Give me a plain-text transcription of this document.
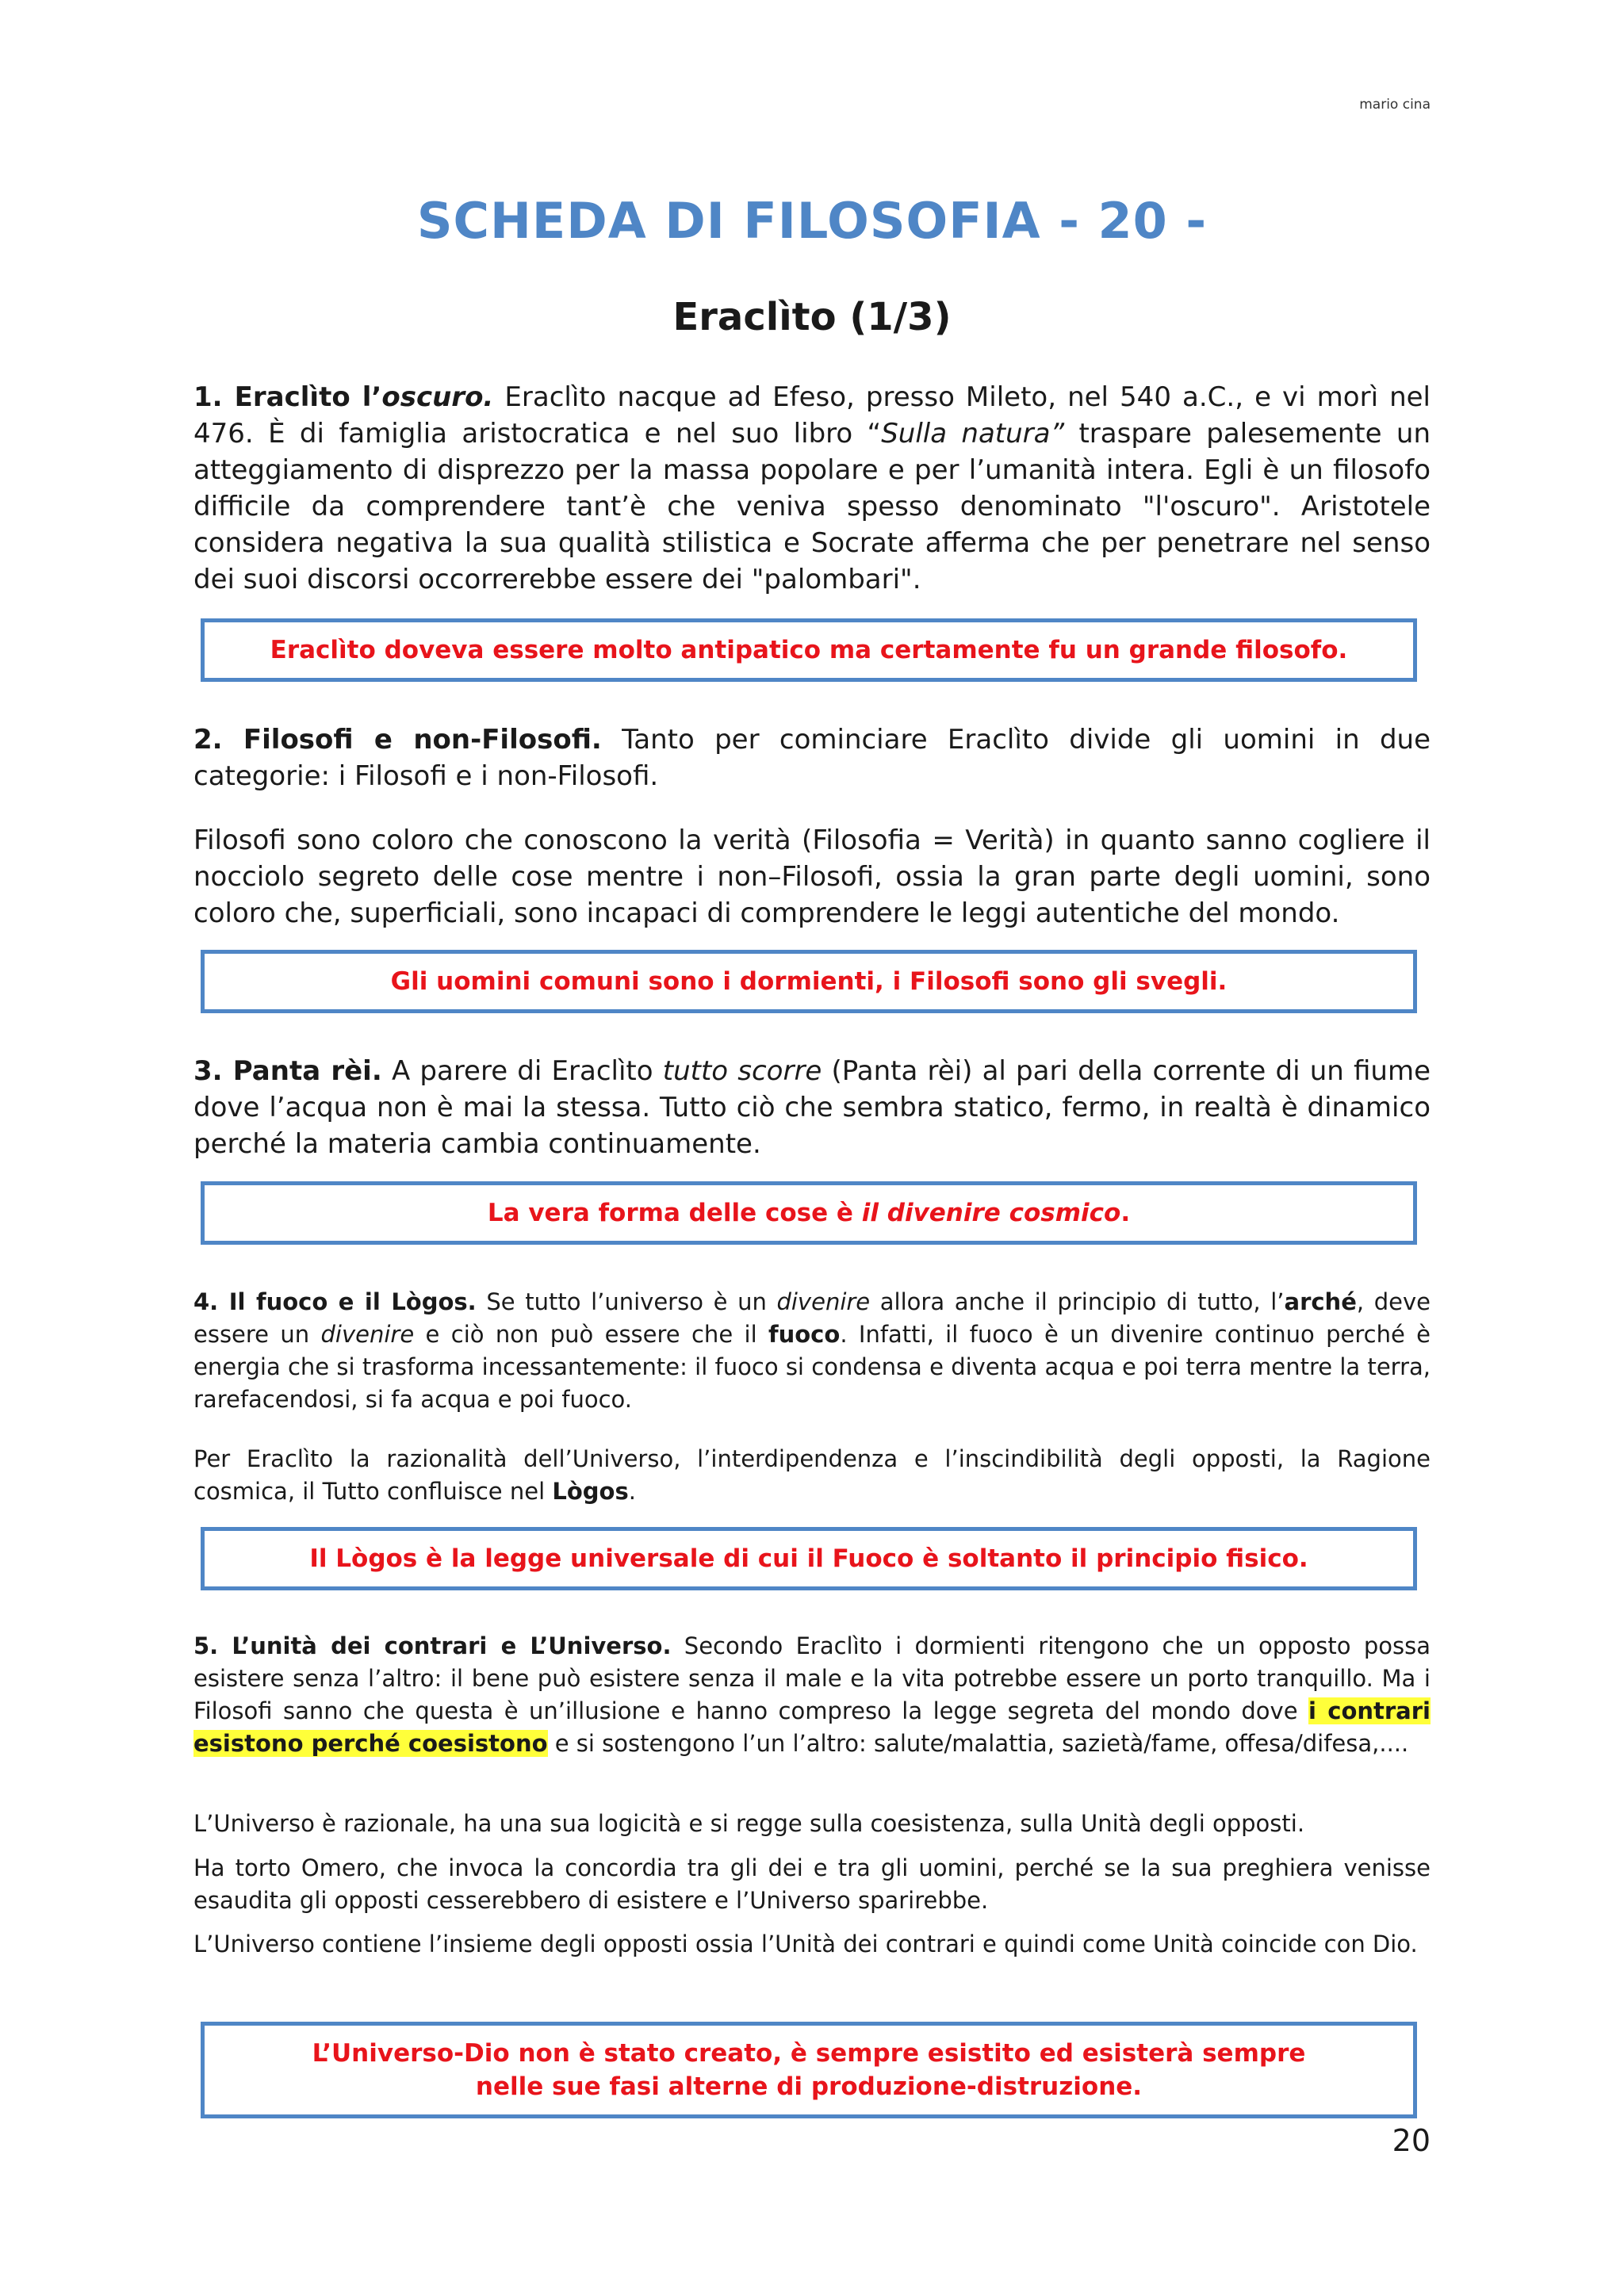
mario cina
SCHEDA DI FILOSOFIA - 20 -
Eraclìto (1/3)

1. Eraclìto l’oscuro. Eraclìto nacque ad Efeso, presso Mileto, nel 540 a.C., e vi morì nel 476. È di famiglia aristocratica e nel suo libro “Sulla natura” traspare palesemente un atteggiamento di disprezzo per la massa popolare e per l’umanità intera. Egli è un filosofo difficile da comprendere tant’è che veniva spesso denominato "l'oscuro". Aristotele considera negativa la sua qualità stilistica e Socrate afferma che per penetrare nel senso dei suoi discorsi occorrerebbe essere dei "palombari".

Eraclìto doveva essere molto antipatico ma certamente fu un grande filosofo.

2. Filosofi e non-Filosofi. Tanto per cominciare Eraclìto divide gli uomini in due categorie: i Filosofi e i non-Filosofi.

Filosofi sono coloro che conoscono la verità (Filosofia = Verità) in quanto sanno cogliere il nocciolo segreto delle cose mentre i non–Filosofi, ossia la gran parte degli uomini, sono coloro che, superficiali, sono incapaci di comprendere le leggi autentiche del mondo.

Gli uomini comuni sono i dormienti, i Filosofi sono gli svegli.

3. Panta rèi. A parere di Eraclìto tutto scorre (Panta rèi) al pari della corrente di un fiume dove l’acqua non è mai la stessa. Tutto ciò che sembra statico, fermo, in realtà è dinamico perché la materia cambia continuamente.

La vera forma delle cose è il divenire cosmico.

4. Il fuoco e il Lògos. Se tutto l’universo è un divenire allora anche il principio di tutto, l’arché, deve essere un divenire e ciò non può essere che il fuoco. Infatti, il fuoco è un divenire continuo perché è energia che si trasforma incessantemente: il fuoco si condensa e diventa acqua e poi terra mentre la terra, rarefacendosi, si fa acqua e poi fuoco.

Per Eraclìto la razionalità dell’Universo, l’interdipendenza e l’inscindibilità degli opposti, la Ragione cosmica, il Tutto confluisce nel Lògos.

Il Lògos è la legge universale di cui il Fuoco è soltanto il principio fisico.

5. L’unità dei contrari e L’Universo. Secondo Eraclìto i dormienti ritengono che un opposto possa esistere senza l’altro: il bene può esistere senza il male e la vita potrebbe essere un porto tranquillo. Ma i Filosofi sanno che questa è un’illusione e hanno compreso la legge segreta del mondo dove i contrari esistono perché coesistono e si sostengono l’un l’altro: salute/malattia, sazietà/fame, offesa/difesa,....

L’Universo è razionale, ha una sua logicità e si regge sulla coesistenza, sulla Unità degli opposti.

Ha torto Omero, che invoca la concordia tra gli dei e tra gli uomini, perché se la sua preghiera venisse esaudita gli opposti cesserebbero di esistere e l’Universo sparirebbe.

L’Universo contiene l’insieme degli opposti ossia l’Unità dei contrari e quindi come Unità coincide con Dio.

L’Universo-Dio non è stato creato, è sempre esistito ed esisterà sempre
nelle sue fasi alterne di produzione-distruzione.
20
